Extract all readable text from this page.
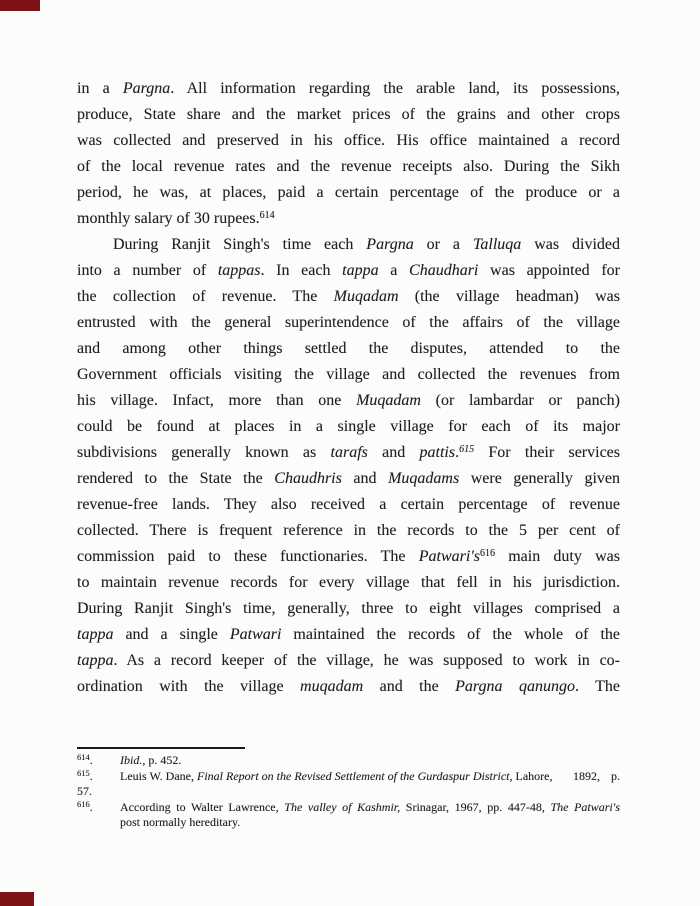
in a Pargna. All information regarding the arable land, its possessions,
produce, State share and the market prices of the grains and other crops
was collected and preserved in his office. His office maintained a record
of the local revenue rates and the revenue receipts also. During the Sikh
period, he was, at places, paid a certain percentage of the produce or a
monthly salary of 30 rupees.$^{614}$
During Ranjit Singh's time each Pargna or a Talluqa was divided
into a number of tappas. In each tappa a Chaudhari was appointed for
the collection of revenue. The Muqadam (the village headman) was
entrusted with the general superintendence of the affairs of the village
and among other things settled the disputes, attended to the
Government officials visiting the village and collected the revenues from
his village. Infact, more than one Muqadam (or lambardar or panch)
could be found at places in a single village for each of its major
subdivisions generally known as tarafs and pattis.$^{615}$ For their services
rendered to the State the Chaudhris and Muqadams were generally given
revenue-free lands. They also received a certain percentage of revenue
collected. There is frequent reference in the records to the 5 per cent of
commission paid to these functionaries. The Patwari's$^{616}$ main duty was
to maintain revenue records for every village that fell in his jurisdiction.
During Ranjit Singh's time, generally, three to eight villages comprised a
tappa and a single Patwari maintained the records of the whole of the
tappa. As a record keeper of the village, he was supposed to work in co-
ordination with the village muqadam and the Pargna qanungo. The
$^{614}$.	Ibid., p. 452.
$^{615}$.	Leuis W. Dane, Final Report on the Revised Settlement of the Gurdaspur District, Lahore, 1892, p.
57.
$^{616}$.	According to Walter Lawrence, The valley of Kashmir, Srinagar, 1967, pp. 447-48, The Patwari's
post normally hereditary.
